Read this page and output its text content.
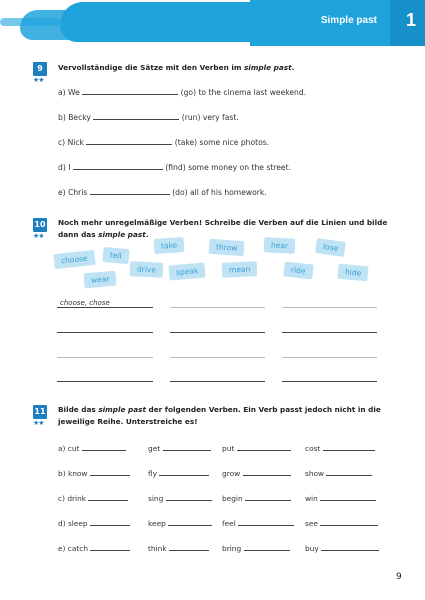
Simple past 1
9
★★
Vervollständige die Sätze mit den Verben im simple past.
a) We	(go) to the cinema last weekend.
b) Becky	(run) very fast.
c) Nick	(take) some nice photos.
d) I	(find) some money on the street.
e) Chris	(do) all of his homework.
10
★★
Noch mehr unregelmäßige Verben! Schreibe die Verben auf die Linien und bilde dann das simple past.
choose	tell
take	throw	hear	lose
wear
drive	speak	mean	ride	hide
choose, chose
11
★★
Bilde das simple past der folgenden Verben. Ein Verb passt jedoch nicht in die jeweilige Reihe. Unterstreiche es!
a) cut	get	put	cost
b) know	fly	grow	show
c) drink	sing	begin	win
d) sleep	keep	feel	see
e) catch	think	bring	buy
9
